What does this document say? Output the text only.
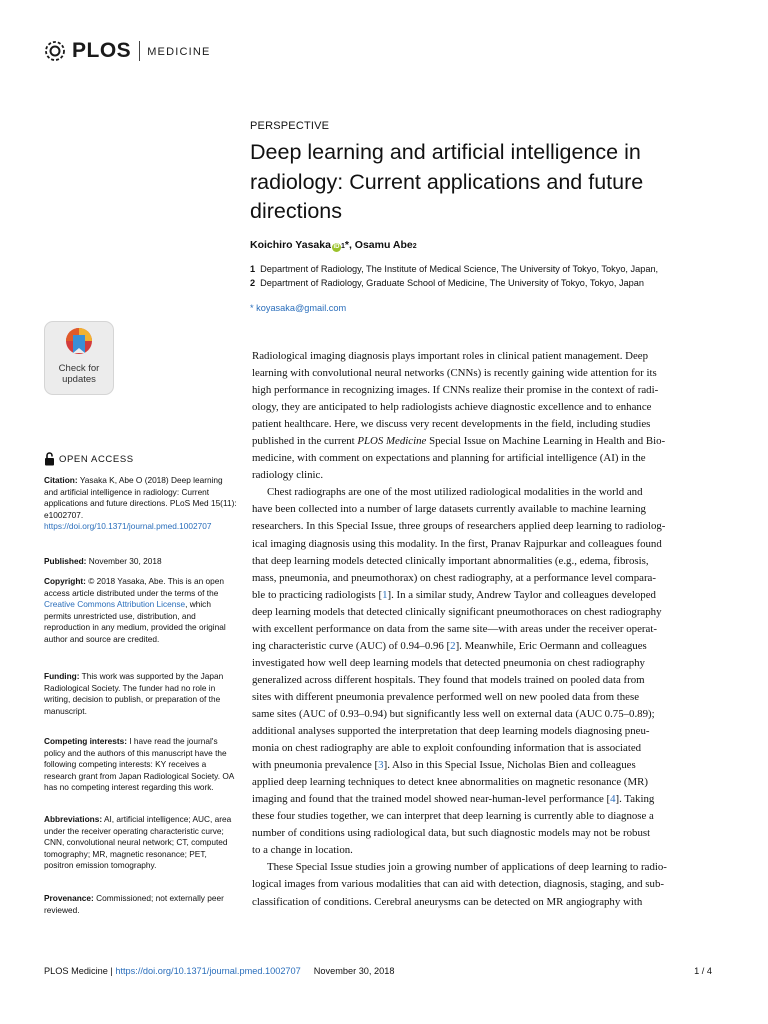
PLOS MEDICINE
PERSPECTIVE
Deep learning and artificial intelligence in radiology: Current applications and future directions
Koichiro Yasaka iD 1 * , Osamu Abe 2
1 Department of Radiology, The Institute of Medical Science, The University of Tokyo, Tokyo, Japan,
2 Department of Radiology, Graduate School of Medicine, The University of Tokyo, Tokyo, Japan
* koyasaka@gmail.com
Check for
updates
OPEN ACCESS
Citation: Yasaka K, Abe O (2018) Deep learning and artificial intelligence in radiology: Current applications and future directions. PLoS Med 15(11): e1002707. https://doi.org/10.1371/journal.pmed.1002707
Published: November 30, 2018
Copyright: © 2018 Yasaka, Abe. This is an open access article distributed under the terms of the Creative Commons Attribution License, which permits unrestricted use, distribution, and reproduction in any medium, provided the original author and source are credited.
Funding: This work was supported by the Japan Radiological Society. The funder had no role in writing, decision to publish, or preparation of the manuscript.
Competing interests: I have read the journal's policy and the authors of this manuscript have the following competing interests: KY receives a research grant from Japan Radiological Society. OA has no competing interest regarding this work.
Abbreviations: AI, artificial intelligence; AUC, area under the receiver operating characteristic curve; CNN, convolutional neural network; CT, computed tomography; MR, magnetic resonance; PET, positron emission tomography.
Provenance: Commissioned; not externally peer reviewed.
Radiological imaging diagnosis plays important roles in clinical patient management. Deep
learning with convolutional neural networks (CNNs) is recently gaining wide attention for its
high performance in recognizing images. If CNNs realize their promise in the context of radi-
ology, they are anticipated to help radiologists achieve diagnostic excellence and to enhance
patient healthcare. Here, we discuss very recent developments in the field, including studies
published in the current PLOS Medicine Special Issue on Machine Learning in Health and Bio-
medicine, with comment on expectations and planning for artificial intelligence (AI) in the
radiology clinic.
Chest radiographs are one of the most utilized radiological modalities in the world and
have been collected into a number of large datasets currently available to machine learning
researchers. In this Special Issue, three groups of researchers applied deep learning to radiolog-
ical imaging diagnosis using this modality. In the first, Pranav Rajpurkar and colleagues found
that deep learning models detected clinically important abnormalities (e.g., edema, fibrosis,
mass, pneumonia, and pneumothorax) on chest radiography, at a performance level compara-
ble to practicing radiologists [1]. In a similar study, Andrew Taylor and colleagues developed
deep learning models that detected clinically significant pneumothoraces on chest radiography
with excellent performance on data from the same site—with areas under the receiver operat-
ing characteristic curve (AUC) of 0.94–0.96 [2]. Meanwhile, Eric Oermann and colleagues
investigated how well deep learning models that detected pneumonia on chest radiography
generalized across different hospitals. They found that models trained on pooled data from
sites with different pneumonia prevalence performed well on new pooled data from these
same sites (AUC of 0.93–0.94) but significantly less well on external data (AUC 0.75–0.89);
additional analyses supported the interpretation that deep learning models diagnosing pneu-
monia on chest radiography are able to exploit confounding information that is associated
with pneumonia prevalence [3]. Also in this Special Issue, Nicholas Bien and colleagues
applied deep learning techniques to detect knee abnormalities on magnetic resonance (MR)
imaging and found that the trained model showed near-human-level performance [4]. Taking
these four studies together, we can interpret that deep learning is currently able to diagnose a
number of conditions using radiological data, but such diagnostic models may not be robust
to a change in location.
These Special Issue studies join a growing number of applications of deep learning to radio-
logical images from various modalities that can aid with detection, diagnosis, staging, and sub-
classification of conditions. Cerebral aneurysms can be detected on MR angiography with
PLOS Medicine | https://doi.org/10.1371/journal.pmed.1002707 November 30, 2018	1 / 4
